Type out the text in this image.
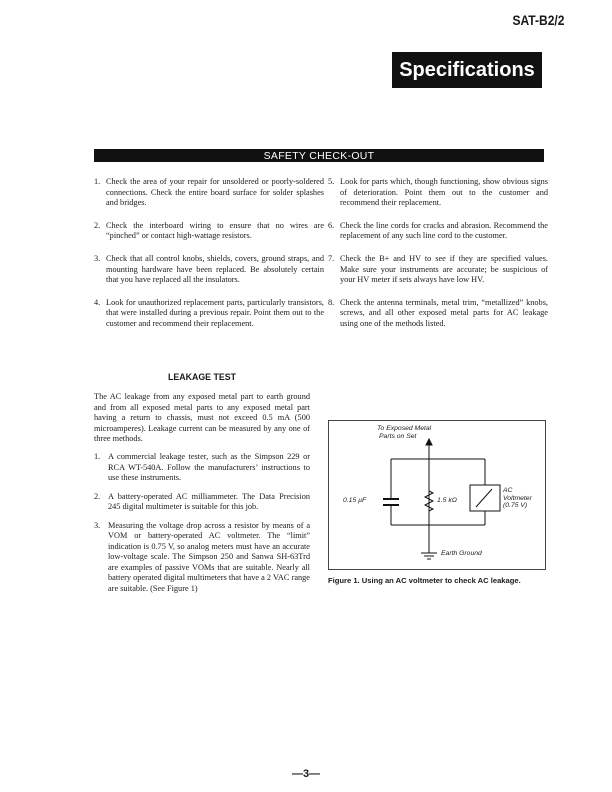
SAT-B2/2
Specifications
SAFETY CHECK-OUT
1. Check the area of your repair for unsoldered or poorly-soldered connections. Check the entire board surface for solder splashes and bridges.
2. Check the interboard wiring to ensure that no wires are “pinched” or contact high-wattage resistors.
3. Check that all control knobs, shields, covers, ground straps, and mounting hardware have been replaced. Be absolutely certain that you have replaced all the insulators.
4. Look for unauthorized replacement parts, particularly transistors, that were installed during a previous repair. Point them out to the customer and recommend their replacement.
5. Look for parts which, though functioning, show obvious signs of deterioration. Point them out to the customer and recommend their replacement.
6. Check the line cords for cracks and abrasion. Recommend the replacement of any such line cord to the customer.
7. Check the B+ and HV to see if they are specified values. Make sure your instruments are accurate; be suspicious of your HV meter if sets always have low HV.
8. Check the antenna terminals, metal trim, “metallized” knobs, screws, and all other exposed metal parts for AC leakage using one of the methods listed.
LEAKAGE TEST
The AC leakage from any exposed metal part to earth ground and from all exposed metal parts to any exposed metal part having a return to chassis, must not exceed 0.5 mA (500 microamperes). Leakage current can be measured by any one of three methods.
1. A commercial leakage tester, such as the Simpson 229 or RCA WT-540A. Follow the manufacturers’ instructions to use these instruments.
2. A battery-operated AC milliammeter. The Data Precision 245 digital multimeter is suitable for this job.
3. Measuring the voltage drop across a resistor by means of a VOM or battery-operated AC voltmeter. The “limit” indication is 0.75 V, so analog meters must have an accurate low-voltage scale. The Simpson 250 and Sanwa SH-63Trd are examples of passive VOMs that are suitable. Nearly all battery operated digital multimeters that have a 2 VAC range are suitable. (See Figure 1)
To Exposed Metal
Parts on Set
0.15 µF	1.5 kΩ
AC
Voltmeter
(0.75 V)
Earth Ground
Figure 1. Using an AC voltmeter to check AC leakage.
—3—
